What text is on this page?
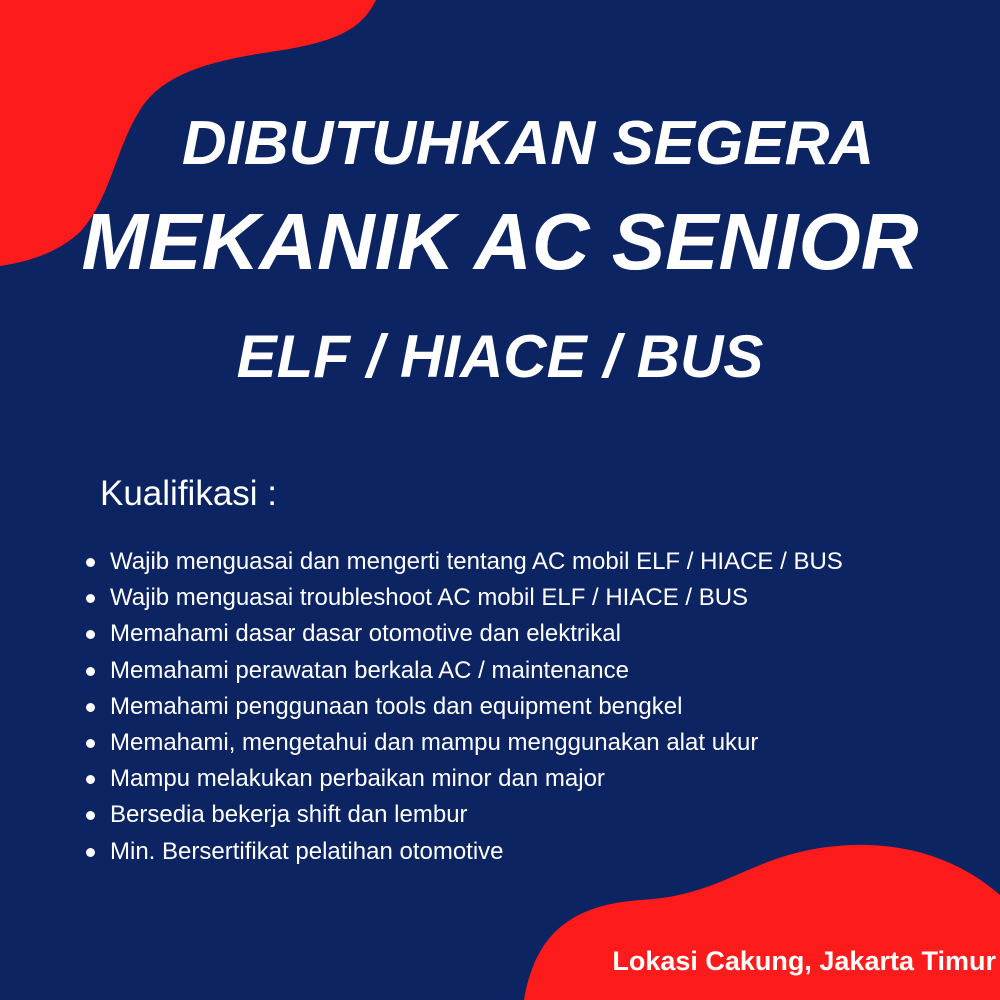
DIBUTUHKAN SEGERA
MEKANIK AC SENIOR
ELF / HIACE / BUS
Kualifikasi :
Wajib menguasai dan mengerti tentang AC mobil ELF / HIACE / BUS
Wajib menguasai troubleshoot AC mobil ELF / HIACE / BUS
Memahami dasar dasar otomotive dan elektrikal
Memahami perawatan berkala AC / maintenance
Memahami penggunaan tools dan equipment bengkel
Memahami, mengetahui dan mampu menggunakan alat ukur
Mampu melakukan perbaikan minor dan major
Bersedia bekerja shift dan lembur
Min. Bersertifikat pelatihan otomotive
Lokasi Cakung, Jakarta Timur
